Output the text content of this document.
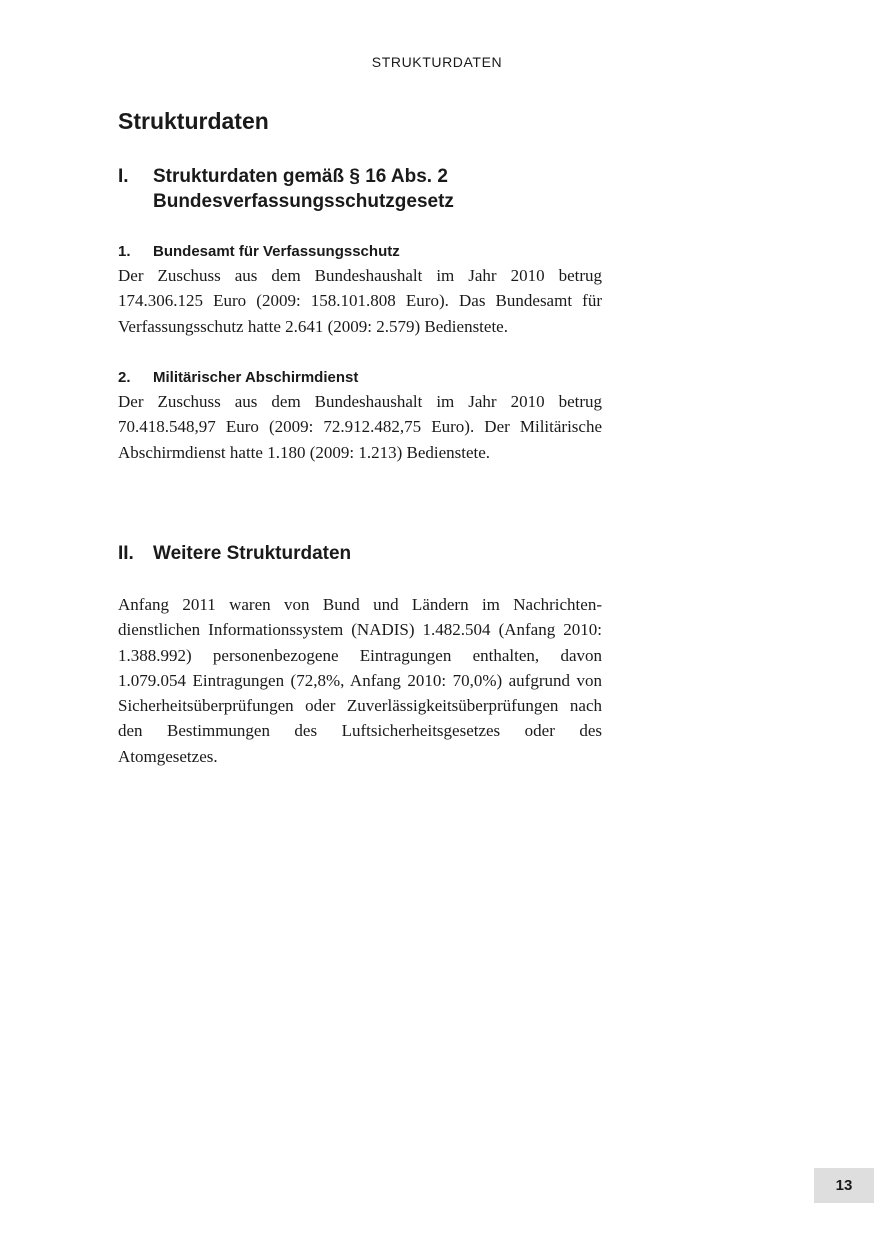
STRUKTURDATEN
Strukturdaten
I. Strukturdaten gemäß § 16 Abs. 2 Bundesverfassungsschutzgesetz
1. Bundesamt für Verfassungsschutz

Der Zuschuss aus dem Bundeshaushalt im Jahr 2010 betrug 174.306.125 Euro (2009: 158.101.808 Euro). Das Bundesamt für Verfassungsschutz hatte 2.641 (2009: 2.579) Bedienstete.

2. Militärischer Abschirmdienst

Der Zuschuss aus dem Bundeshaushalt im Jahr 2010 betrug 70.418.548,97 Euro (2009: 72.912.482,75 Euro). Der Militärische Abschirmdienst hatte 1.180 (2009: 1.213) Bedienstete.

II. Weitere Strukturdaten

Anfang 2011 waren von Bund und Ländern im Nachrichtendienstlichen Informationssystem (NADIS) 1.482.504 (Anfang 2010: 1.388.992) personenbezogene Eintragungen enthalten, davon 1.079.054 Eintragungen (72,8%, Anfang 2010: 70,0%) aufgrund von Sicherheitsüberprüfungen oder Zuverlässigkeitsüberprüfungen nach den Bestimmungen des Luftsicherheitsgesetzes oder des Atomgesetzes.

13
